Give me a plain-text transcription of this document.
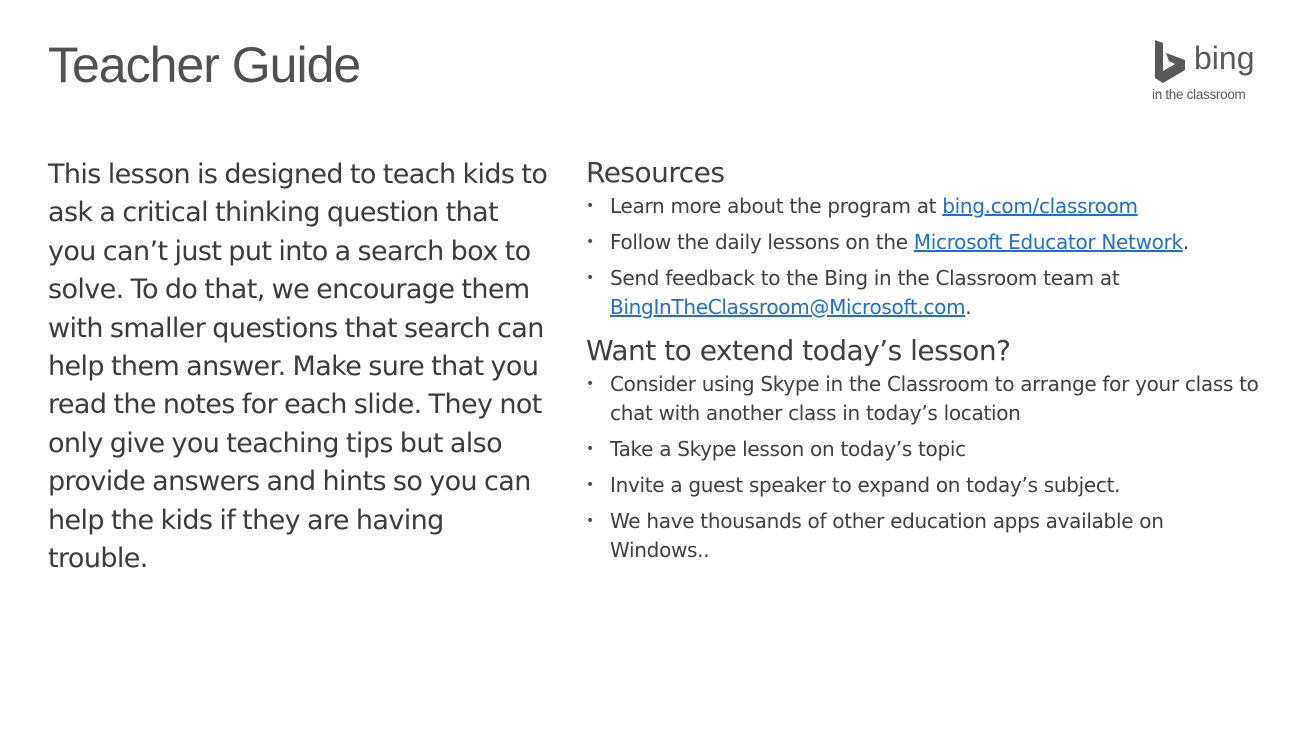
Teacher Guide	bing
in the classroom

This lesson is designed to teach kids to ask a critical thinking question that you can’t just put into a search box to solve. To do that, we encourage them with smaller questions that search can help them answer. Make sure that you read the notes for each slide. They not only give you teaching tips but also provide answers and hints so you can help the kids if they are having trouble.

Resources
• Learn more about the program at bing.com/classroom
• Follow the daily lessons on the Microsoft Educator Network.
• Send feedback to the Bing in the Classroom team at BingInTheClassroom@Microsoft.com.
Want to extend today’s lesson?
• Consider using Skype in the Classroom to arrange for your class to chat with another class in today’s location
• Take a Skype lesson on today’s topic
• Invite a guest speaker to expand on today’s subject.
• We have thousands of other education apps available on Windows..
